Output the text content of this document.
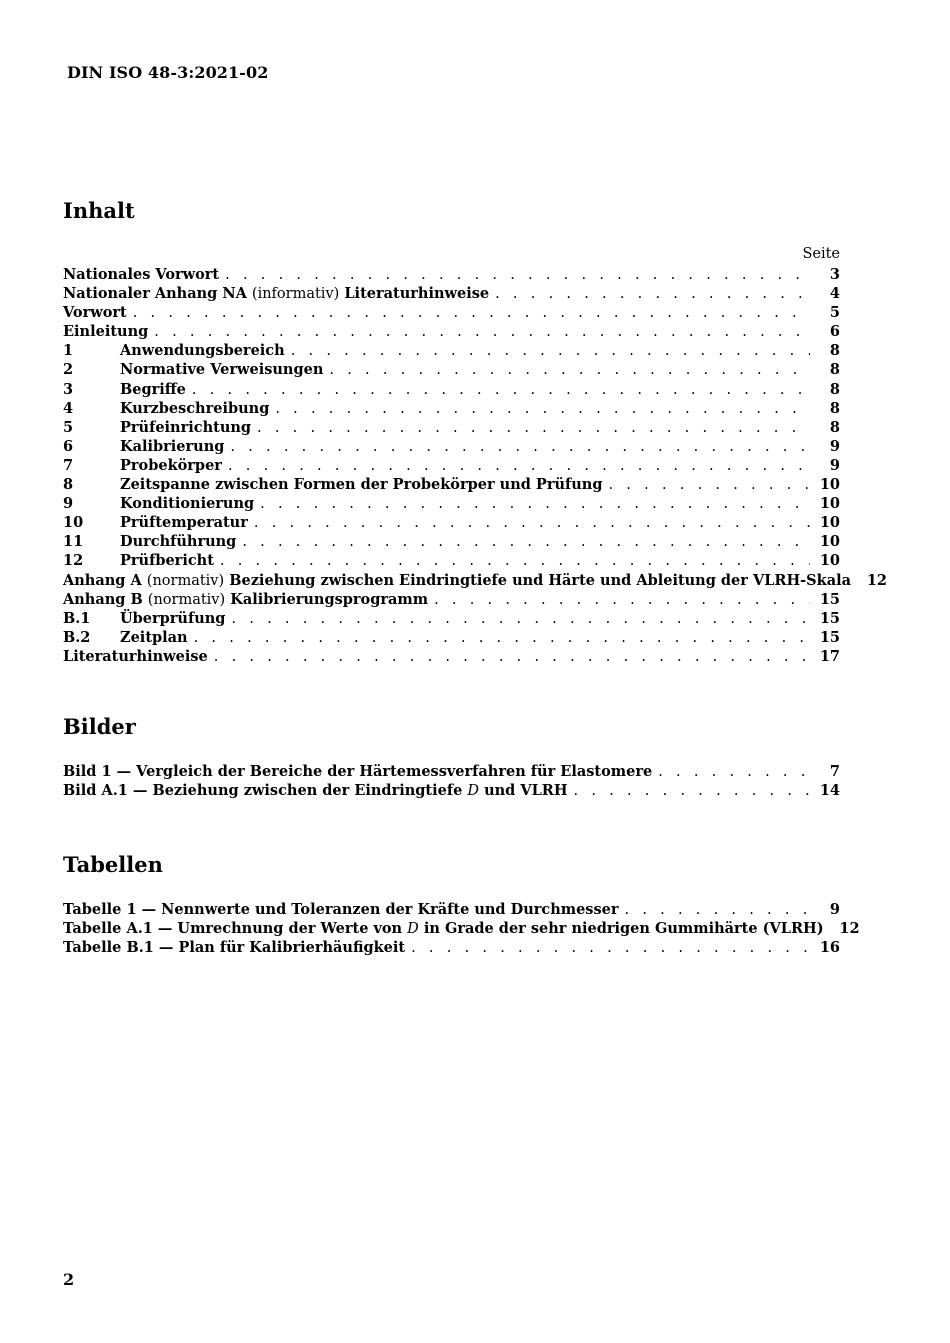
DIN ISO 48-3:2021-02
Inhalt
Seite
Nationales Vorwort . . .	3
Nationaler Anhang NA (informativ) Literaturhinweise . . .	4
Vorwort . . .	5
Einleitung . . .	6
1	Anwendungsbereich . . .	8
2	Normative Verweisungen . . .	8
3	Begriffe . . .	8
4	Kurzbeschreibung . . .	8
5	Prüfeinrichtung . . .	8
6	Kalibrierung . . .	9
7	Probekörper . . .	9
8	Zeitspanne zwischen Formen der Probekörper und Prüfung . . .	10
9	Konditionierung . . .	10
10	Prüftemperatur . . .	10
11	Durchführung . . .	10
12	Prüfbericht . . .	10
Anhang A (normativ) Beziehung zwischen Eindringtiefe und Härte und Ableitung der VLRH-Skala 12
Anhang B (normativ) Kalibrierungsprogramm . . .	15
B.1	Überprüfung . . .	15
B.2	Zeitplan . . .	15
Literaturhinweise . . .	17
Bilder
Bild 1 — Vergleich der Bereiche der Härtemessverfahren für Elastomere . . .	7
Bild A.1 — Beziehung zwischen der Eindringtiefe D und VLRH . . .	14
Tabellen
Tabelle 1 — Nennwerte und Toleranzen der Kräfte und Durchmesser . . .	9
Tabelle A.1 — Umrechnung der Werte von D in Grade der sehr niedrigen Gummihärte (VLRH) 12
Tabelle B.1 — Plan für Kalibrierhäufigkeit . . .	16
2
